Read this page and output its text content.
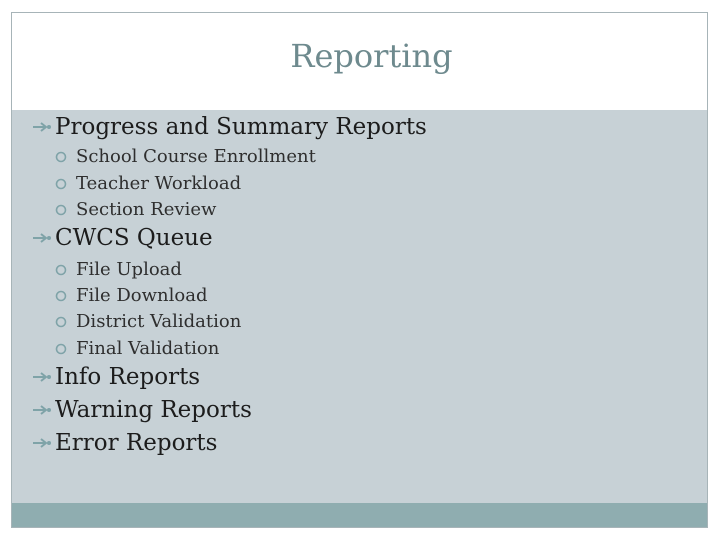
Reporting
Progress and Summary Reports
School Course Enrollment
Teacher Workload
Section Review
CWCS Queue
File Upload
File Download
District Validation
Final Validation
Info Reports
Warning Reports
Error Reports
